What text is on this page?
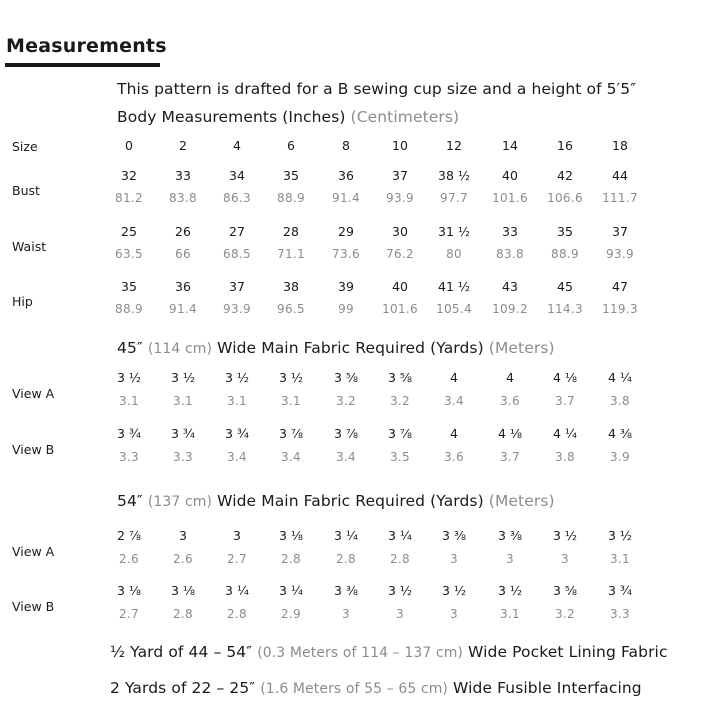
Measurements
This pattern is drafted for a B sewing cup size and a height of 5′5″
Body Measurements (Inches) (Centimeters)
Size	0	2	4	6	8	10	12	14	16	18
Bust
32	33	34	35	36	37	38 ½	40	42	44
81.2	83.8	86.3	88.9	91.4	93.9	97.7	101.6	106.6	111.7
Waist
25	26	27	28	29	30	31 ½	33	35	37
63.5	66	68.5	71.1	73.6	76.2	80	83.8	88.9	93.9
Hip
35	36	37	38	39	40	41 ½	43	45	47
88.9	91.4	93.9	96.5	99	101.6	105.4	109.2	114.3	119.3
View A
3 ½	3 ½	3 ½	3 ½	3 ⅝	3 ⅝	4	4	4 ⅛	4 ¼
3.1	3.1	3.1	3.1	3.2	3.2	3.4	3.6	3.7	3.8
View B
3 ¾	3 ¾	3 ¾	3 ⅞	3 ⅞	3 ⅞	4	4 ⅛	4 ¼	4 ⅜
3.3	3.3	3.4	3.4	3.4	3.5	3.6	3.7	3.8	3.9
View A
2 ⅞	3	3	3 ⅛	3 ¼	3 ¼	3 ⅜	3 ⅜	3 ½	3 ½
2.6	2.6	2.7	2.8	2.8	2.8	3	3	3	3.1
View B
3 ⅛	3 ⅛	3 ¼	3 ¼	3 ⅜	3 ½	3 ½	3 ½	3 ⅝	3 ¾
2.7	2.8	2.8	2.9	3	3	3	3.1	3.2	3.3
45″ (114 cm) Wide Main Fabric Required (Yards) (Meters)
54″ (137 cm) Wide Main Fabric Required (Yards) (Meters)
½ Yard of 44 – 54″ (0.3 Meters of 114 – 137 cm) Wide Pocket Lining Fabric
2 Yards of 22 – 25″ (1.6 Meters of 55 – 65 cm) Wide Fusible Interfacing
